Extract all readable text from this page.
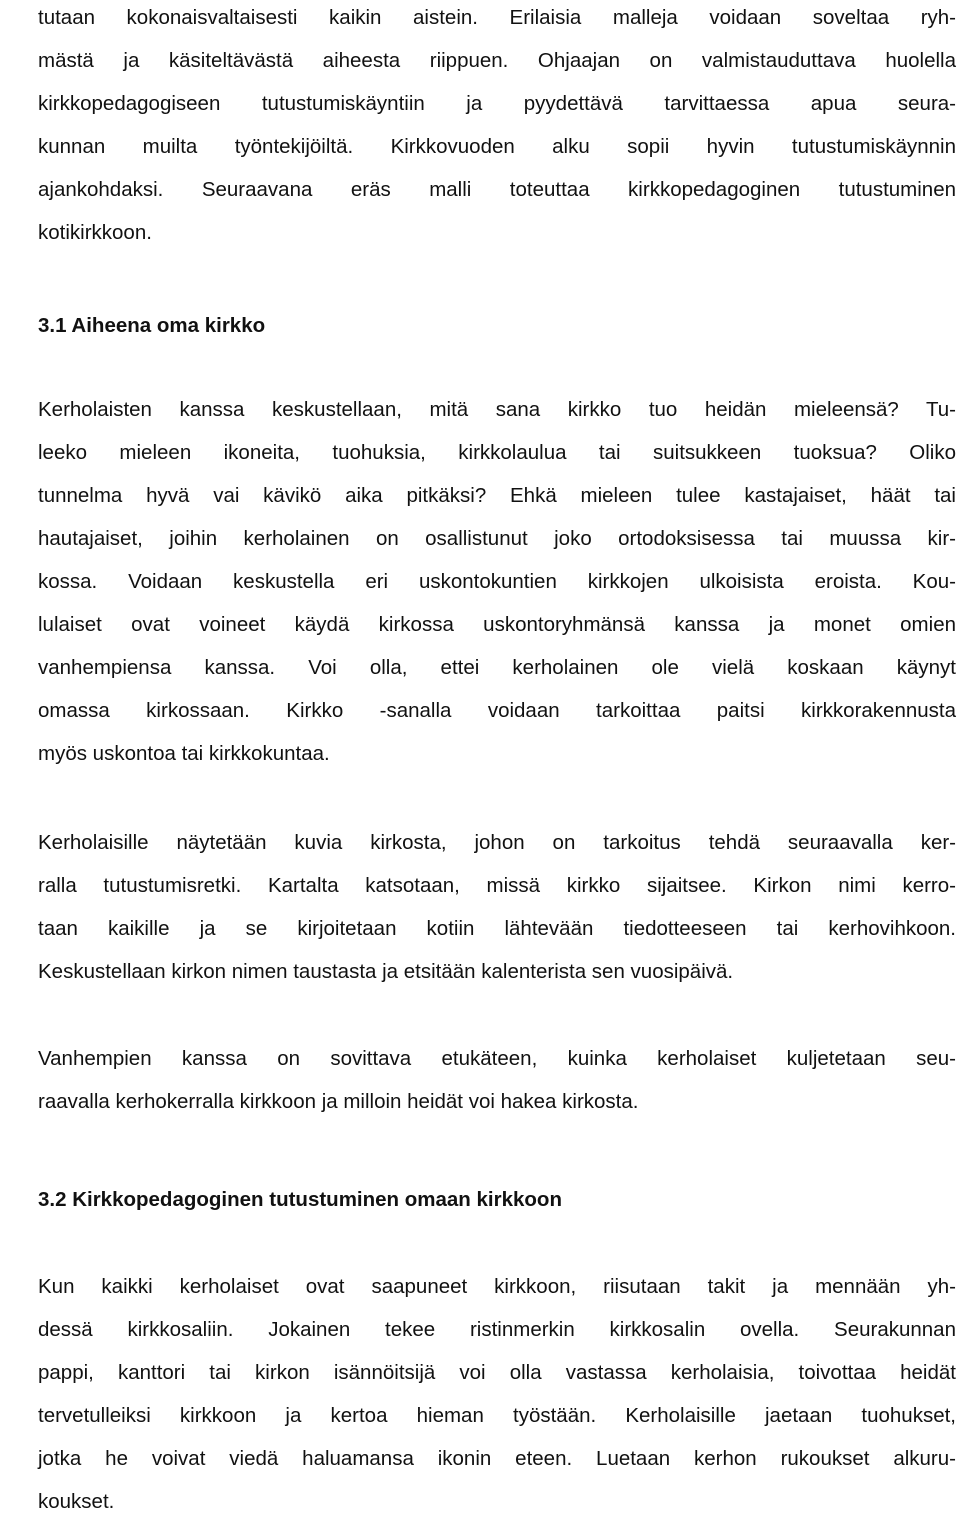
tutaan kokonaisvaltaisesti kaikin aistein. Erilaisia malleja voidaan soveltaa ryh-
mästä ja käsiteltävästä aiheesta riippuen. Ohjaajan on valmistauduttava huolella
kirkkopedagogiseen tutustumiskäyntiin ja pyydettävä tarvittaessa apua seura-
kunnan muilta työntekijöiltä. Kirkkovuoden alku sopii hyvin tutustumiskäynnin
ajankohdaksi. Seuraavana eräs malli toteuttaa kirkkopedagoginen tutustuminen
kotikirkkoon.
3.1 Aiheena oma kirkko
Kerholaisten kanssa keskustellaan, mitä sana kirkko tuo heidän mieleensä? Tu-
leeko mieleen ikoneita, tuohuksia, kirkkolaulua tai suitsukkeen tuoksua? Oliko
tunnelma hyvä vai kävikö aika pitkäksi? Ehkä mieleen tulee kastajaiset, häät tai
hautajaiset, joihin kerholainen on osallistunut joko ortodoksisessa tai muussa kir-
kossa. Voidaan keskustella eri uskontokuntien kirkkojen ulkoisista eroista. Kou-
lulaiset ovat voineet käydä kirkossa uskontoryhmänsä kanssa ja monet omien
vanhempiensa kanssa. Voi olla, ettei kerholainen ole vielä koskaan käynyt
omassa kirkossaan. Kirkko -sanalla voidaan tarkoittaa paitsi kirkkorakennusta
myös uskontoa tai kirkkokuntaa.
Kerholaisille näytetään kuvia kirkosta, johon on tarkoitus tehdä seuraavalla ker-
ralla tutustumisretki. Kartalta katsotaan, missä kirkko sijaitsee. Kirkon nimi kerro-
taan kaikille ja se kirjoitetaan kotiin lähtevään tiedotteeseen tai kerhovihkoon.
Keskustellaan kirkon nimen taustasta ja etsitään kalenterista sen vuosipäivä.
Vanhempien kanssa on sovittava etukäteen, kuinka kerholaiset kuljetetaan seu-
raavalla kerhokerralla kirkkoon ja milloin heidät voi hakea kirkosta.
3.2 Kirkkopedagoginen tutustuminen omaan kirkkoon
Kun kaikki kerholaiset ovat saapuneet kirkkoon, riisutaan takit ja mennään yh-
dessä kirkkosaliin. Jokainen tekee ristinmerkin kirkkosalin ovella. Seurakunnan
pappi, kanttori tai kirkon isännöitsijä voi olla vastassa kerholaisia, toivottaa heidät
tervetulleiksi kirkkoon ja kertoa hieman työstään. Kerholaisille jaetaan tuohukset,
jotka he voivat viedä haluamansa ikonin eteen. Luetaan kerhon rukoukset alkuru-
koukset.
